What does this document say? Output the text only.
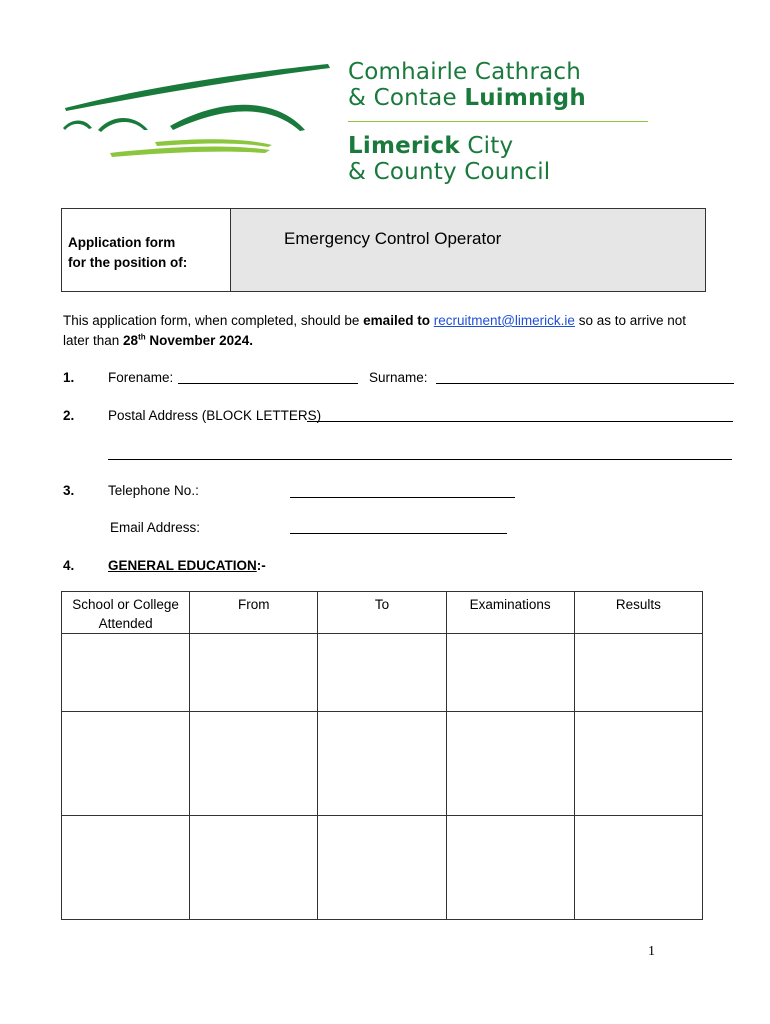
Comhairle Cathrach
& Contae Luimnigh
Limerick City
& County Council
Application form
for the position of:
Emergency Control Operator
This application form, when completed, should be emailed to recruitment@limerick.ie so as to arrive not later than 28th November 2024.
1. Forename:	Surname:
2. Postal Address (BLOCK LETTERS)
3. Telephone No.:
Email Address:
4. GENERAL EDUCATION:-
School or College Attended	From	To	Examinations	Results

1
